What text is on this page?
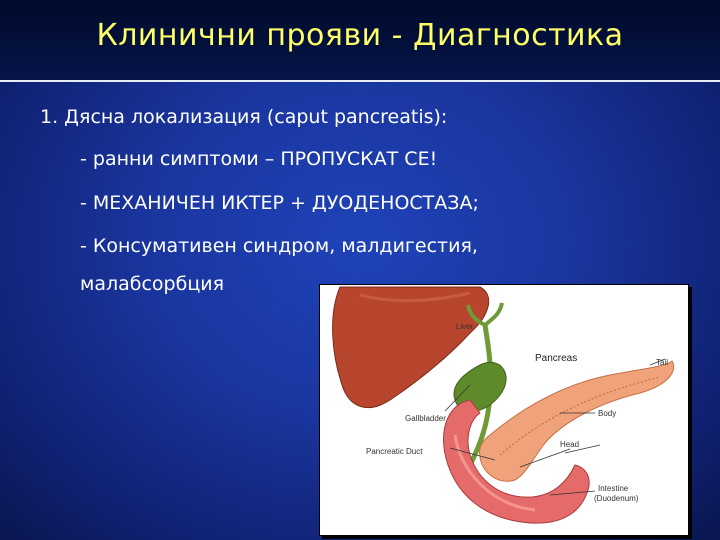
Клинични прояви - Диагностика
1. Дясна локализация (caput pancreatis):
- ранни симптоми – ПРОПУСКАТ СЕ!
- МЕХАНИЧЕН ИКТЕР + ДУОДЕНОСТАЗА;
- Консумативен синдром, малдигестия,
малабсорбция
Liver
Pancreas	Tail
Gallbladder
Body
Pancreatic Duct
Head
Intestine
(Duodenum)
